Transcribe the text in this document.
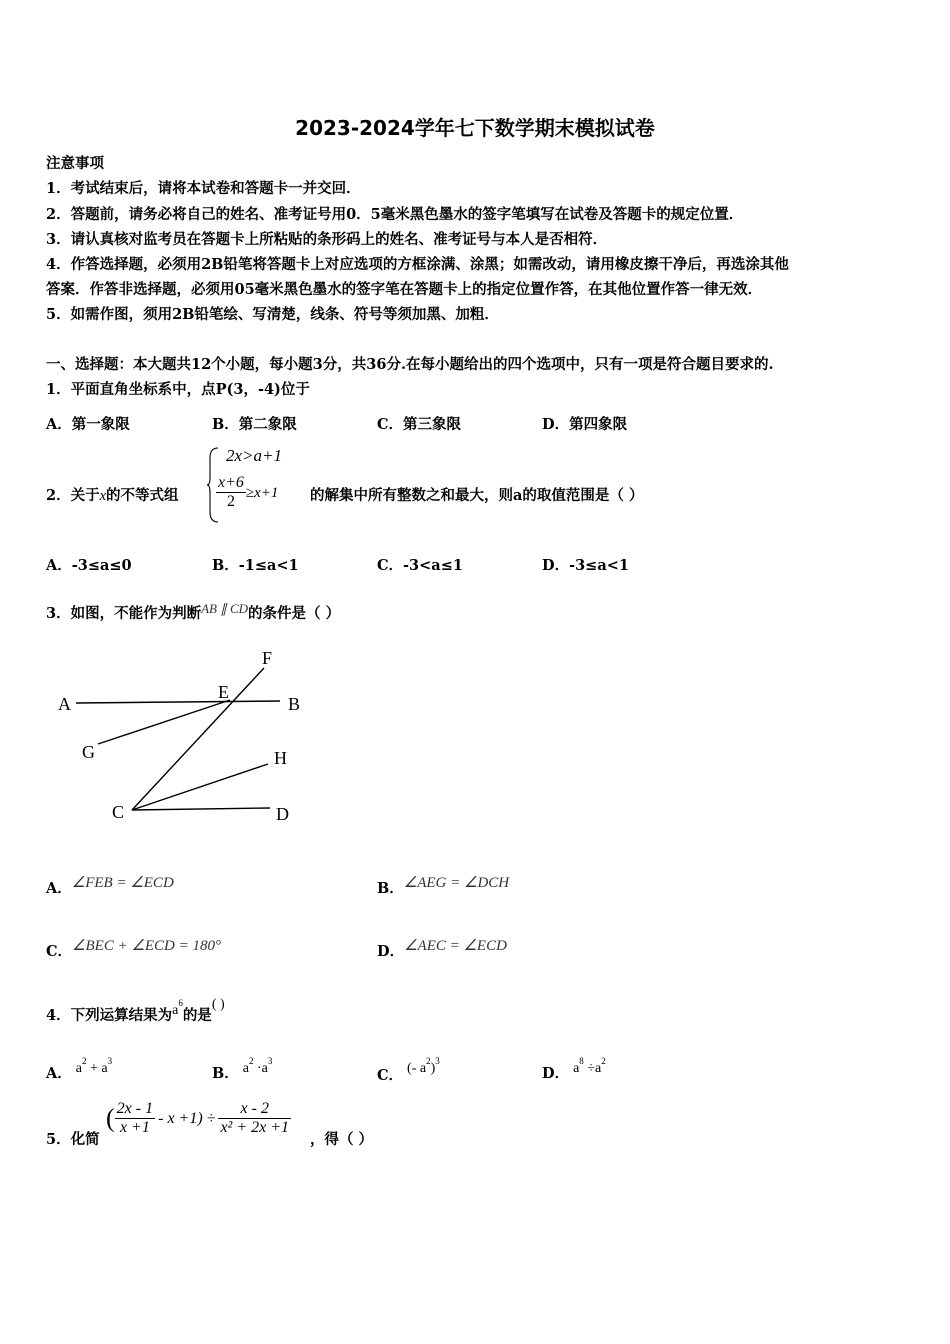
2023-2024学年七下数学期末模拟试卷
注意事项
1．考试结束后，请将本试卷和答题卡一并交回．
2．答题前，请务必将自己的姓名、准考证号用0．5毫米黑色墨水的签字笔填写在试卷及答题卡的规定位置．
3．请认真核对监考员在答题卡上所粘贴的条形码上的姓名、准考证号与本人是否相符．
4．作答选择题，必须用2B铅笔将答题卡上对应选项的方框涂满、涂黑；如需改动，请用橡皮擦干净后，再选涂其他
答案．作答非选择题，必须用05毫米黑色墨水的签字笔在答题卡上的指定位置作答，在其他位置作答一律无效．
5．如需作图，须用2B铅笔绘、写清楚，线条、符号等须加黑、加粗．
一、选择题：本大题共12个小题，每小题3分，共36分.在每小题给出的四个选项中，只有一项是符合题目要求的.
1．平面直角坐标系中，点P(3，-4)位于
A．第一象限	B．第二象限	C．第三象限	D．第四象限
2．关于x的不等式组
2x>a+1
$\frac{x+6}{2} \ge x+1$ 的解集中所有整数之和最大，则a的取值范围是（ ）
A．-3≤a≤0	B．-1≤a<1	C．-3<a≤1	D．-3≤a<1
3．如图，不能作为判断AB ∥ CD的条件是（ ）
A	B
C	D
E
F
G	H
A．∠FEB = ∠ECD	B．∠AEG = ∠DCH
C．∠BEC + ∠ECD = 180°	D．∠AEC = ∠ECD
4．下列运算结果为$a^6$的是( )
A． $a^2 + a^3$
B． $a^2 \cdot a^3$
C． (- $a^2)^3$
D． $a^8 \div a^2$
5．化简
( $\frac{2x - 1}{x +1} - x +1) \div \frac{x - 2}{\text{x² + 2x +1}}$
，得（ ）
